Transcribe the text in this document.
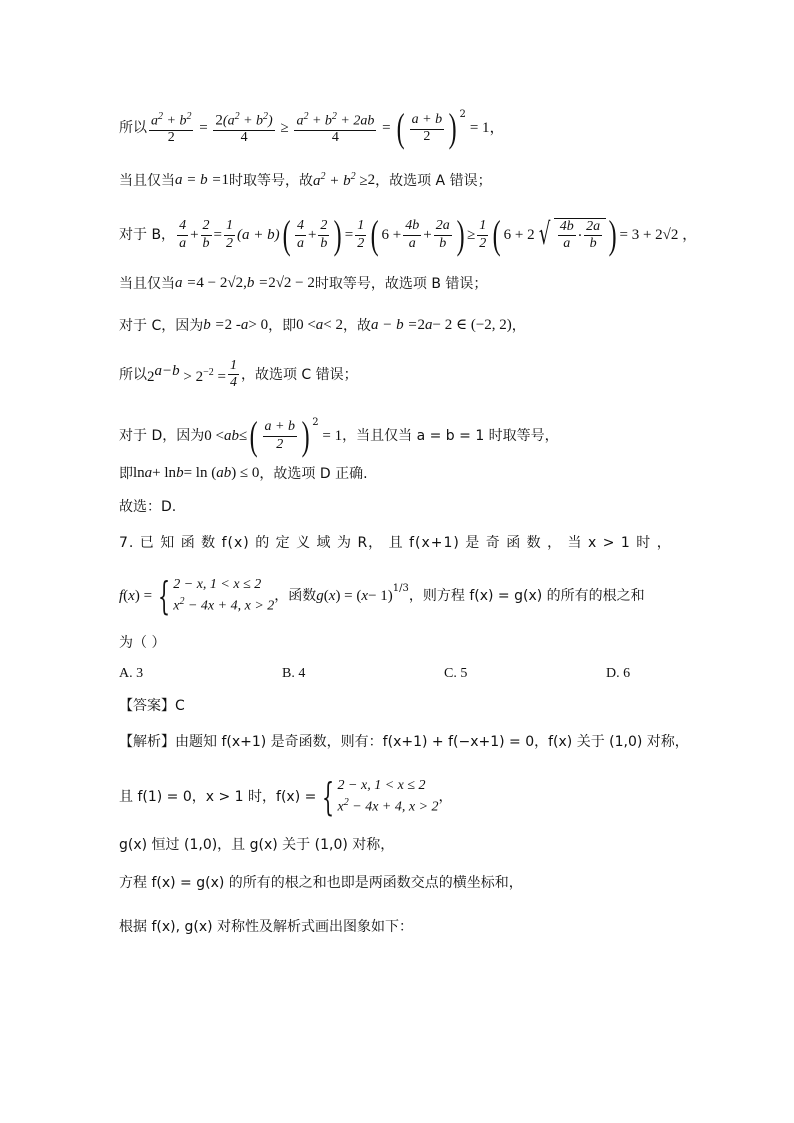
所以 $\frac{a^2 + b^2}{2} = \frac{2(a^2 + b^2)}{4} \ge \frac{a^2 + b^2 + 2ab}{4}$ = ( $\frac{a + b}{2}$ ) $^2$
= 1，
当且仅当 a = b = 1 时取等号，故 $a^2 + b^2 \ge 2$ ，故选项 A 错误；
对于 B， $\frac{4}{a} + \frac{2}{b} = \frac{1}{2} (a + b)$ ( $\frac{4}{a} + \frac{2}{b}$ ) = $\frac{1}{2}$ ( $6 + \frac{4b}{a} + \frac{2a}{b}$ ) ≥ $\frac{1}{2}$ ( 6 + 2 √ $\frac{4b}{a} \cdot \frac{2a}{b}$ ) = 3 + 2√2 ，
当且仅当 a = 4 − 2√2 , b = 2√2 − 2 时取等号，故选项 B 错误；
对于 C，因为 b = 2 - a > 0 ，即 0 < a < 2 ，故 a − b = 2 a − 2 ∈ (−2, 2) ，
所以 $2^{a-b} > 2^{-2} = \frac{1}{4}$ ，故选项 C 错误；
对于 D，因为 0 < ab ≤ ( $\frac{a + b}{2}$ ) $^2$
= 1 ，当且仅当 a = b = 1 时取等号，
即 ln a + ln b = ln ( ab ) ≤ 0 ，故选项 D 正确.
故选：D.
7. 已 知 函 数 f(x) 的 定 义 域 为 R， 且 f(x+1) 是 奇 函 数 ， 当 x > 1 时 ，
f ( x ) = { 2 − x, 1 < x ≤ 2
$x^2 - 4x + 4$, x > 2
，函数 g ( x ) = ( x − 1)$^{1/3}$ ，则方程 f(x) = g(x) 的所有的根之和
为（ ）
A. 3	B. 4	C. 5	D. 6
【答案】C
【解析】由题知 f(x+1) 是奇函数，则有：f(x+1) + f(−x+1) = 0，f(x) 关于 (1,0) 对称，
且 f(1) = 0，x > 1 时，f(x) = { 2 − x, 1 < x ≤ 2
$x^2 - 4x + 4$, x > 2
，
g(x) 恒过 (1,0)，且 g(x) 关于 (1,0) 对称，
方程 f(x) = g(x) 的所有的根之和也即是两函数交点的横坐标和，
根据 f(x), g(x) 对称性及解析式画出图象如下：
